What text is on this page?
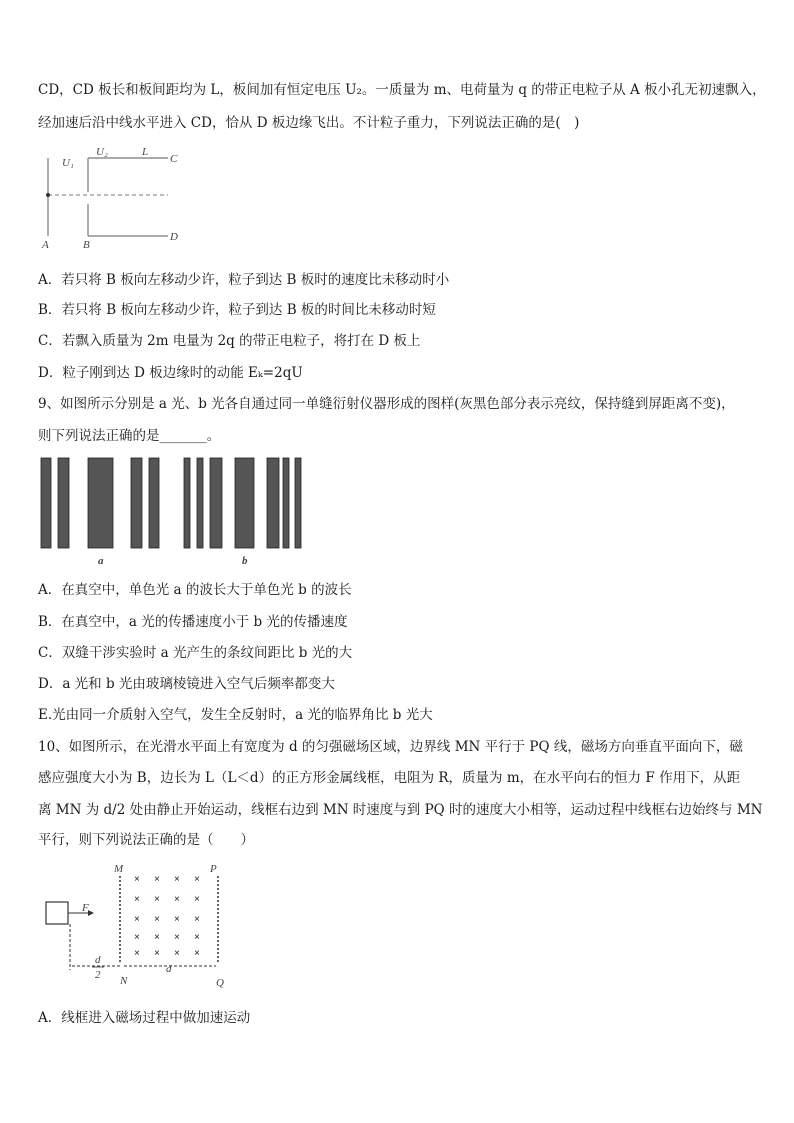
CD，CD 板长和板间距均为 L，板间加有恒定电压 U₂。一质量为 m、电荷量为 q 的带正电粒子从 A 板小孔无初速飘入，
经加速后沿中线水平进入 CD，恰从 D 板边缘飞出。不计粒子重力，下列说法正确的是(　)
U₁
U₂	L
C
A	B
D
A．若只将 B 板向左移动少许，粒子到达 B 板时的速度比未移动时小
B．若只将 B 板向左移动少许，粒子到达 B 板的时间比未移动时短
C．若飘入质量为 2m 电量为 2q 的带正电粒子，将打在 D 板上
D．粒子刚到达 D 板边缘时的动能 Eₖ=2qU
9、如图所示分别是 a 光、b 光各自通过同一单缝衍射仪器形成的图样(灰黑色部分表示亮纹，保持缝到屏距离不变)，
则下列说法正确的是_______。
a	b
A．在真空中，单色光 a 的波长大于单色光 b 的波长
B．在真空中，a 光的传播速度小于 b 光的传播速度
C．双缝干涉实验时 a 光产生的条纹间距比 b 光的大
D．a 光和 b 光由玻璃棱镜进入空气后频率都变大
E.光由同一介质射入空气，发生全反射时，a 光的临界角比 b 光大
10、如图所示，在光滑水平面上有宽度为 d 的匀强磁场区域，边界线 MN 平行于 PQ 线，磁场方向垂直平面向下，磁
感应强度大小为 B，边长为 L（L＜d）的正方形金属线框，电阻为 R，质量为 m，在水平向右的恒力 F 作用下，从距
离 MN 为 d/2 处由静止开始运动，线框右边到 MN 时速度与到 PQ 时的速度大小相等，运动过程中线框右边始终与 MN
平行，则下列说法正确的是（　　）
M	P
N	Q
F
d
2	d
× × × ×
× × × ×
× × × ×
× × × ×
× × × ×
A．线框进入磁场过程中做加速运动
